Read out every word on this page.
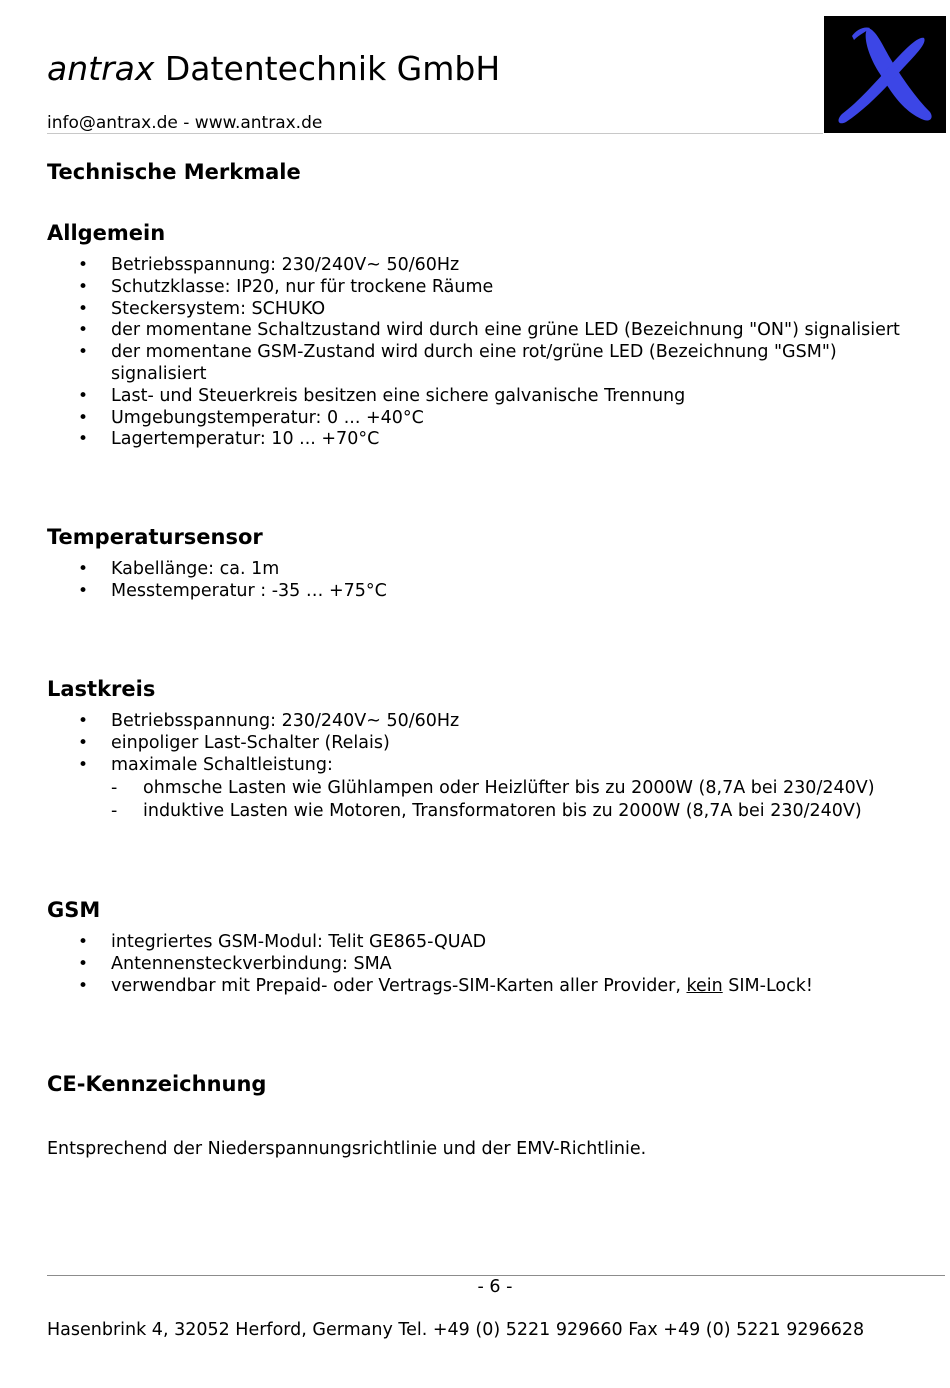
antrax Datentechnik GmbH
info@antrax.de - www.antrax.de
Technische Merkmale
Allgemein
• Betriebsspannung: 230/240V~ 50/60Hz
• Schutzklasse: IP20, nur für trockene Räume
• Steckersystem: SCHUKO
• der momentane Schaltzustand wird durch eine grüne LED (Bezeichnung "ON") signalisiert
• der momentane GSM-Zustand wird durch eine rot/grüne LED (Bezeichnung "GSM") signalisiert
• Last- und Steuerkreis besitzen eine sichere galvanische Trennung
• Umgebungstemperatur: 0 ... +40°C
• Lagertemperatur: 10 ... +70°C
Temperatursensor
• Kabellänge: ca. 1m
• Messtemperatur : -35 … +75°C
Lastkreis
• Betriebsspannung: 230/240V~ 50/60Hz
• einpoliger Last-Schalter (Relais)
• maximale Schaltleistung:
- ohmsche Lasten wie Glühlampen oder Heizlüfter bis zu 2000W (8,7A bei 230/240V)
- induktive Lasten wie Motoren, Transformatoren bis zu 2000W (8,7A bei 230/240V)
GSM
• integriertes GSM-Modul: Telit GE865-QUAD
• Antennensteckverbindung: SMA
• verwendbar mit Prepaid- oder Vertrags-SIM-Karten aller Provider, kein SIM-Lock!
CE-Kennzeichnung
Entsprechend der Niederspannungsrichtlinie und der EMV-Richtlinie.
- 6 -
Hasenbrink 4, 32052 Herford, Germany Tel. +49 (0) 5221 929660 Fax +49 (0) 5221 9296628
